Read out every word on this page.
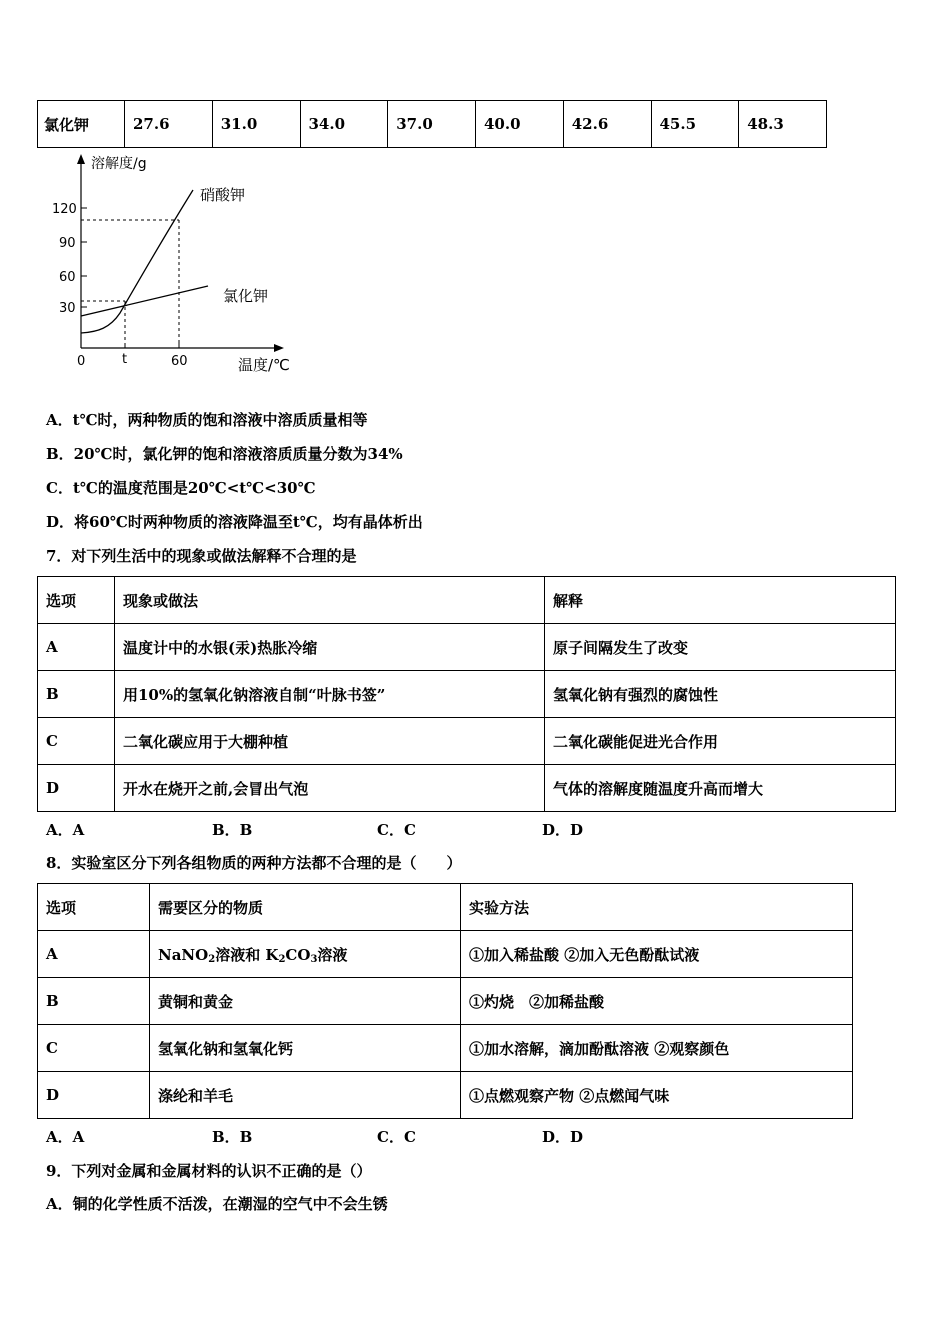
氯化钾	27.6	31.0	34.0	37.0	40.0	42.6	45.5	48.3
溶解度/g
温度/℃
120
90
60
30
0	t	60
硝酸钾
氯化钾
A．t℃时，两种物质的饱和溶液中溶质质量相等
B．20℃时，氯化钾的饱和溶液溶质质量分数为34%
C．t℃的温度范围是20℃<t℃<30℃
D．将60℃时两种物质的溶液降温至t℃，均有晶体析出
7．对下列生活中的现象或做法解释不合理的是
选项	现象或做法	解释
A	温度计中的水银(汞)热胀冷缩	原子间隔发生了改变
B	用10%的氢氧化钠溶液自制“叶脉书签”	氢氧化钠有强烈的腐蚀性
C	二氧化碳应用于大棚种植	二氧化碳能促进光合作用
D	开水在烧开之前,会冒出气泡	气体的溶解度随温度升高而增大
A．A	B．B	C．C	D．D
8．实验室区分下列各组物质的两种方法都不合理的是（　　）
选项	需要区分的物质	实验方法
A	NaNO$_2$溶液和 $K_2CO_3$溶液	①加入稀盐酸 ②加入无色酚酞试液
B	黄铜和黄金	①灼烧　②加稀盐酸
C	氢氧化钠和氢氧化钙	①加水溶解，滴加酚酞溶液 ②观察颜色
D	涤纶和羊毛	①点燃观察产物 ②点燃闻气味
A．A	B．B	C．C	D．D
9．下列对金属和金属材料的认识不正确的是（）
A．铜的化学性质不活泼，在潮湿的空气中不会生锈
